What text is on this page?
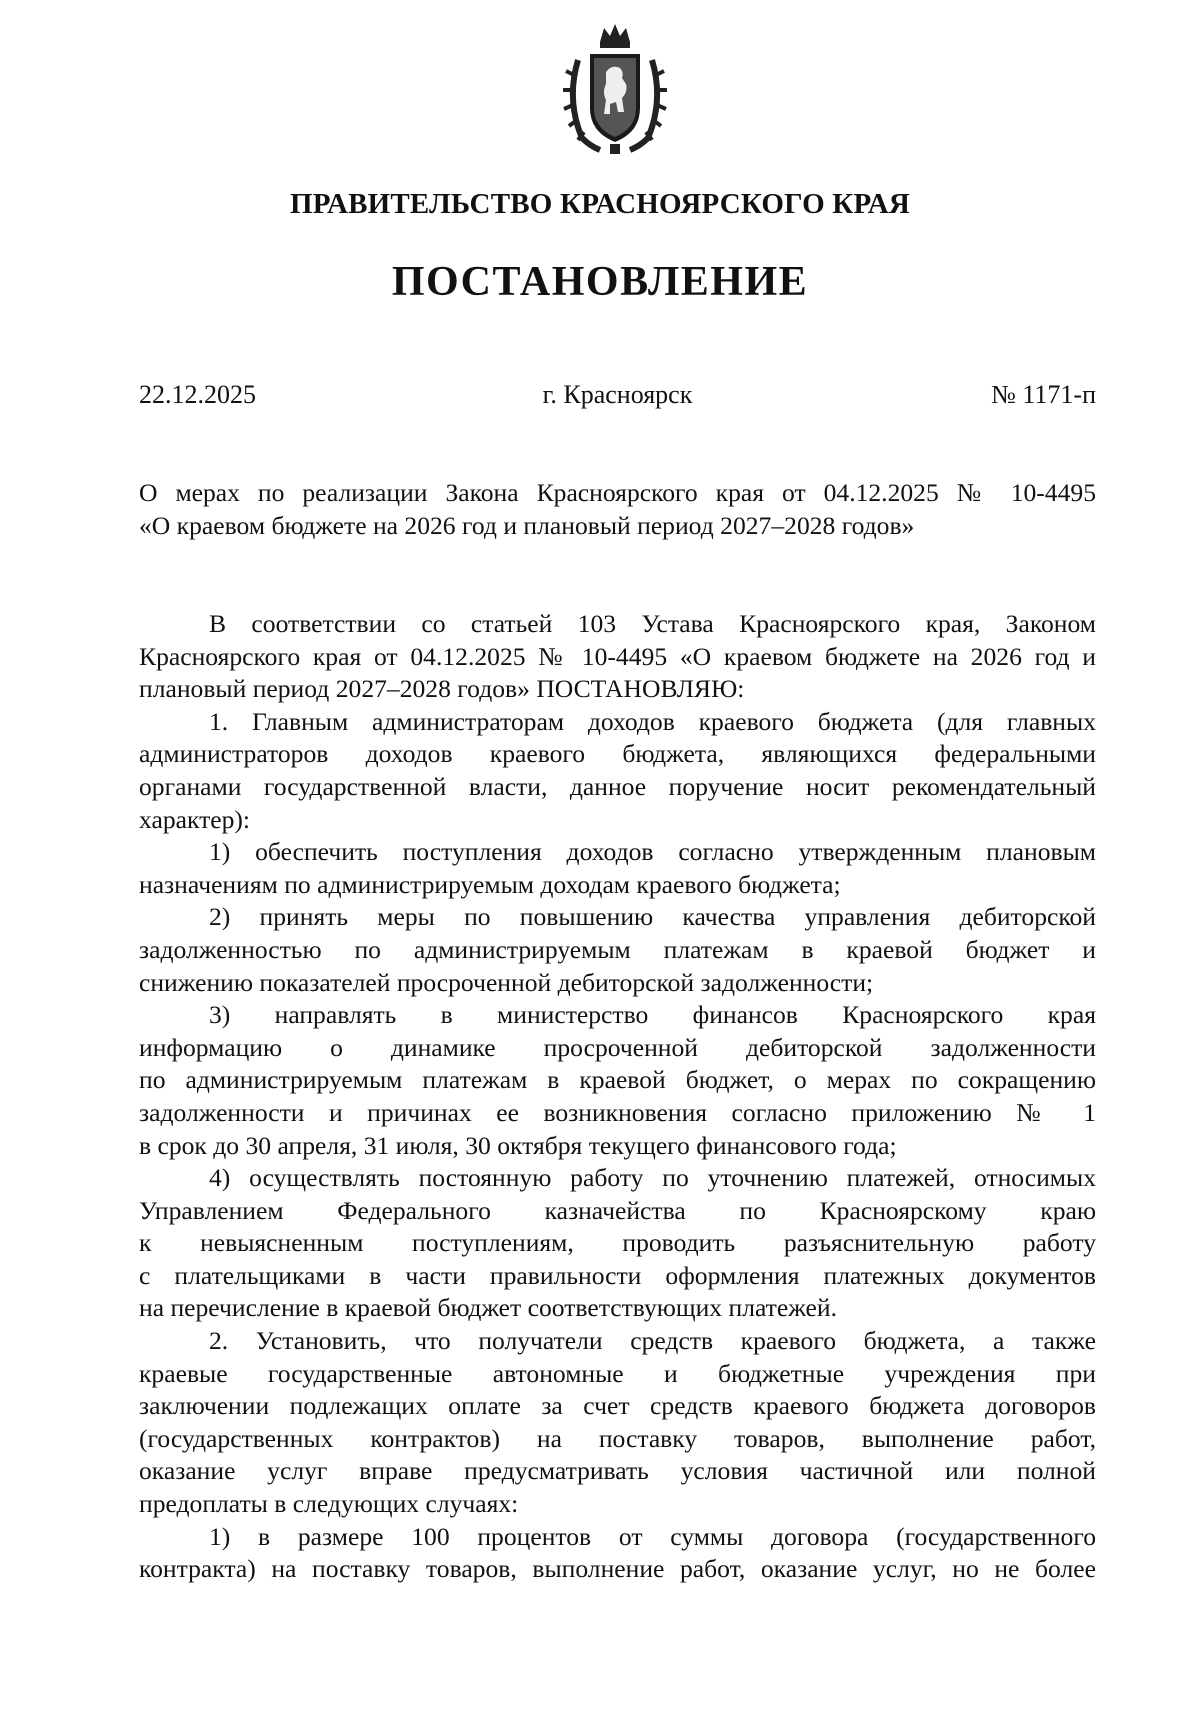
ПРАВИТЕЛЬСТВО КРАСНОЯРСКОГО КРАЯ
ПОСТАНОВЛЕНИЕ
22.12.2025	г. Красноярск	№ 1171-п
О мерах по реализации Закона Красноярского края от 04.12.2025 № 10-4495
«О краевом бюджете на 2026 год и плановый период 2027–2028 годов»
В соответствии со статьей 103 Устава Красноярского края, Законом
Красноярского края от 04.12.2025 № 10-4495 «О краевом бюджете на 2026 год и
плановый период 2027–2028 годов» ПОСТАНОВЛЯЮ:
1. Главным администраторам доходов краевого бюджета (для главных
администраторов доходов краевого бюджета, являющихся федеральными
органами государственной власти, данное поручение носит рекомендательный
характер):
1) обеспечить поступления доходов согласно утвержденным плановым
назначениям по администрируемым доходам краевого бюджета;
2) принять меры по повышению качества управления дебиторской
задолженностью по администрируемым платежам в краевой бюджет и
снижению показателей просроченной дебиторской задолженности;
3) направлять в министерство финансов Красноярского края
информацию о динамике просроченной дебиторской задолженности
по администрируемым платежам в краевой бюджет, о мерах по сокращению
задолженности и причинах ее возникновения согласно приложению № 1
в срок до 30 апреля, 31 июля, 30 октября текущего финансового года;
4) осуществлять постоянную работу по уточнению платежей, относимых
Управлением Федерального казначейства по Красноярскому краю
к невыясненным поступлениям, проводить разъяснительную работу
с плательщиками в части правильности оформления платежных документов
на перечисление в краевой бюджет соответствующих платежей.
2. Установить, что получатели средств краевого бюджета, а также
краевые государственные автономные и бюджетные учреждения при
заключении подлежащих оплате за счет средств краевого бюджета договоров
(государственных контрактов) на поставку товаров, выполнение работ,
оказание услуг вправе предусматривать условия частичной или полной
предоплаты в следующих случаях:
1) в размере 100 процентов от суммы договора (государственного
контракта) на поставку товаров, выполнение работ, оказание услуг, но не более
